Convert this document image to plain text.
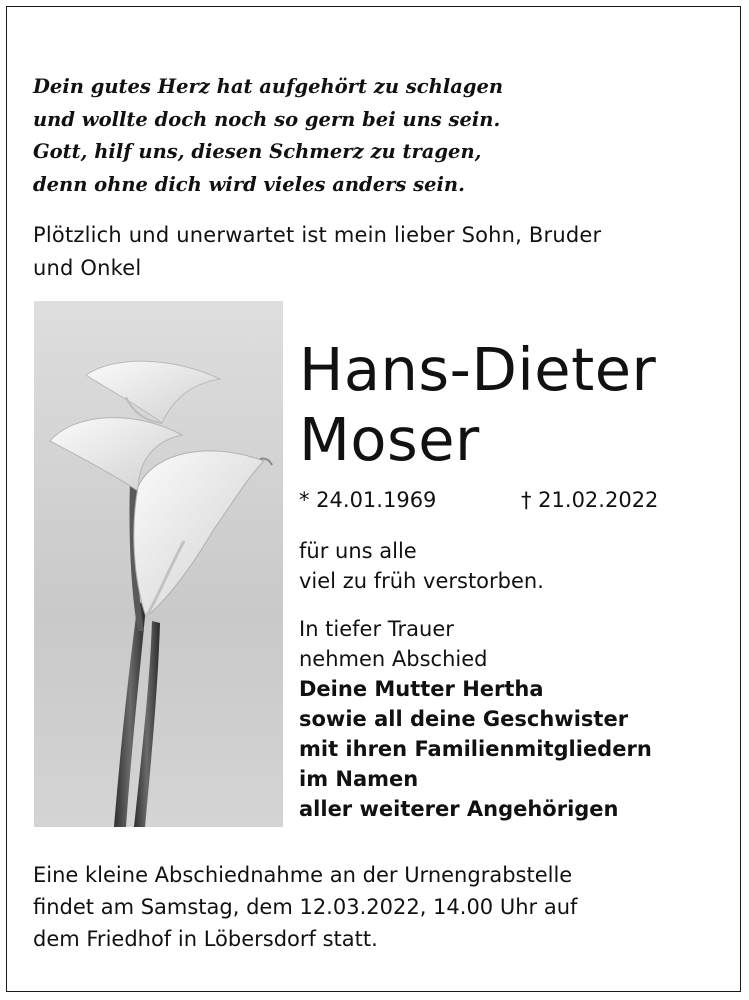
Dein gutes Herz hat aufgehört zu schlagen
und wollte doch noch so gern bei uns sein.
Gott, hilf uns, diesen Schmerz zu tragen,
denn ohne dich wird vieles anders sein.
Plötzlich und unerwartet ist mein lieber Sohn, Bruder
und Onkel
Hans-Dieter
Moser
* 24.01.1969	† 21.02.2022
für uns alle
viel zu früh verstorben.
In tiefer Trauer
nehmen Abschied
Deine Mutter Hertha
sowie all deine Geschwister
mit ihren Familienmitgliedern
im Namen
aller weiterer Angehörigen
Eine kleine Abschiednahme an der Urnengrabstelle
findet am Samstag, dem 12.03.2022, 14.00 Uhr auf
dem Friedhof in Löbersdorf statt.
